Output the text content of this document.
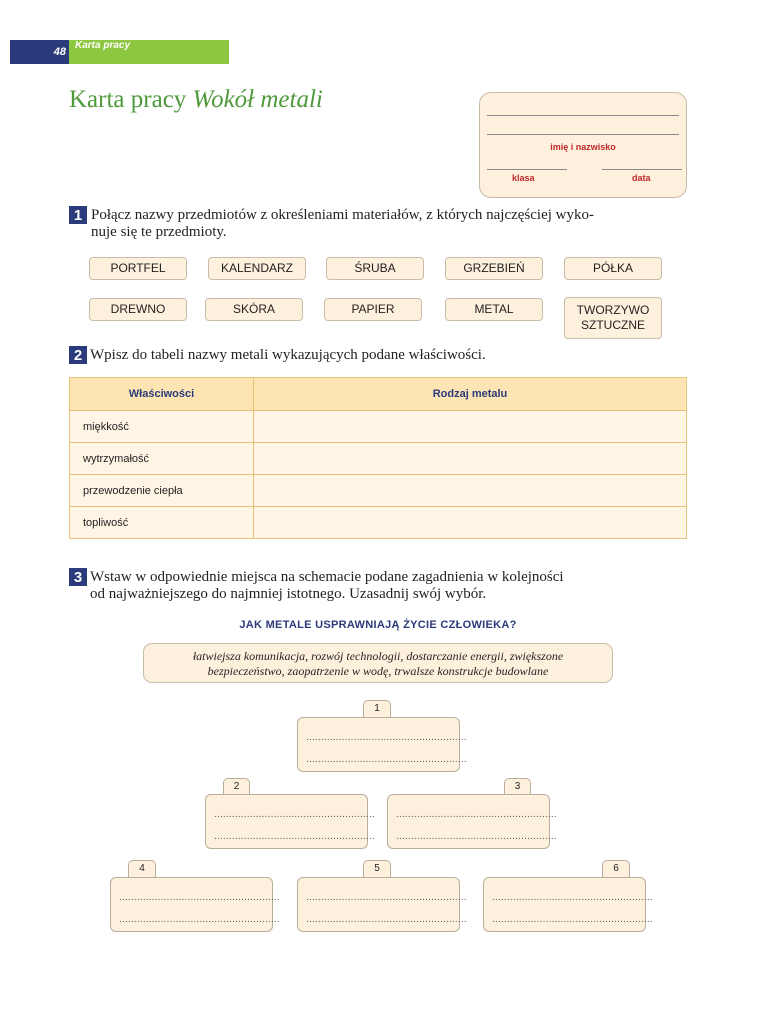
48
Karta pracy
Karta pracy Wokół metali
imię i nazwisko
klasa	data
1 Połącz nazwy przedmiotów z określeniami materiałów, z których najczęściej wyko-
nuje się te przedmioty.
PORTFEL	KALENDARZ	ŚRUBA	GRZEBIEŃ	PÓŁKA
DREWNO	SKÓRA	PAPIER	METAL	TWORZYWO SZTUCZNE
2 Wpisz do tabeli nazwy metali wykazujących podane właściwości.
Właściwości	Rodzaj metalu
miękkość	
wytrzymałość	
przewodzenie ciepła	
topliwość	
3 Wstaw w odpowiednie miejsca na schemacie podane zagadnienia w kolejności
od najważniejszego do najmniej istotnego. Uzasadnij swój wybór.
JAK METALE USPRAWNIAJĄ ŻYCIE CZŁOWIEKA?
łatwiejsza komunikacja, rozwój technologii, dostarczanie energii, zwiększone
bezpieczeństwo, zaopatrzenie w wodę, trwalsze konstrukcje budowlane
1
......................................................
......................................................
2
......................................................
......................................................
3
......................................................
......................................................
4
......................................................
......................................................
5
......................................................
......................................................
6
......................................................
......................................................
